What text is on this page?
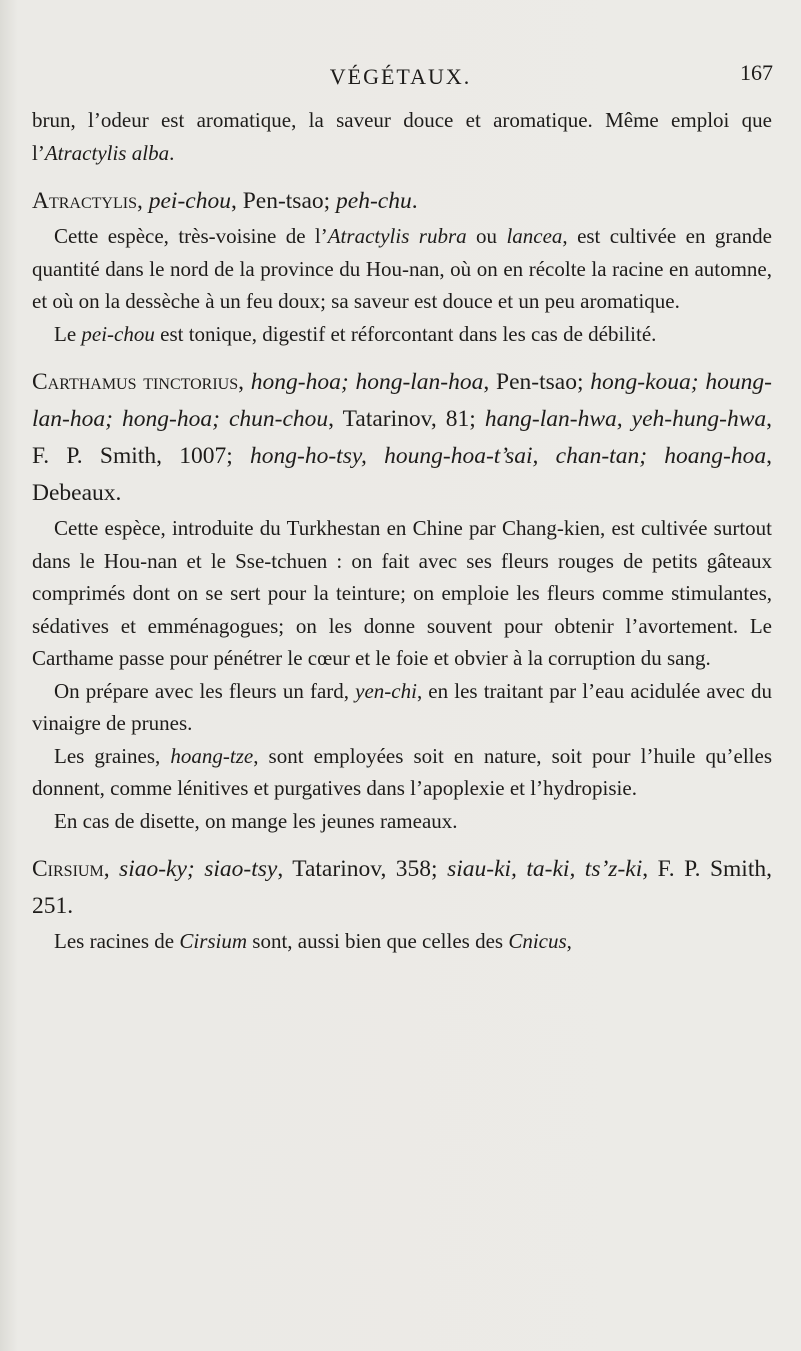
VÉGÉTAUX.	167

brun, l’odeur est aromatique, la saveur douce et aromatique. Même emploi que l’Atractylis alba.

Atractylis, pei-chou, Pen-tsao; peh-chu.

Cette espèce, très-voisine de l’Atractylis rubra ou lancea, est cultivée en grande quantité dans le nord de la province du Hou-nan, où on en récolte la racine en automne, et où on la dessèche à un feu doux; sa saveur est douce et un peu aromatique.

Le pei-chou est tonique, digestif et réforcontant dans les cas de débilité.

Carthamus tinctorius, hong-hoa; hong-lan-hoa, Pen-tsao; hong-koua; houng-lan-hoa; hong-hoa; chun-chou, Tatarinov, 81; hang-lan-hwa, yeh-hung-hwa, F. P. Smith, 1007; hong-ho-tsy, houng-hoa-t’sai, chan-tan; hoang-hoa, Debeaux.

Cette espèce, introduite du Turkhestan en Chine par Chang-kien, est cultivée surtout dans le Hou-nan et le Sse-tchuen : on fait avec ses fleurs rouges de petits gâteaux comprimés dont on se sert pour la teinture; on emploie les fleurs comme stimulantes, sédatives et emménagogues; on les donne souvent pour obtenir l’avortement. Le Carthame passe pour pénétrer le cœur et le foie et obvier à la corruption du sang.

On prépare avec les fleurs un fard, yen-chi, en les traitant par l’eau acidulée avec du vinaigre de prunes.

Les graines, hoang-tze, sont employées soit en nature, soit pour l’huile qu’elles donnent, comme lénitives et purgatives dans l’apoplexie et l’hydropisie.

En cas de disette, on mange les jeunes rameaux.

Cirsium, siao-ky; siao-tsy, Tatarinov, 358; siau-ki, ta-ki, ts’z-ki, F. P. Smith, 251.

Les racines de Cirsium sont, aussi bien que celles des Cnicus,
